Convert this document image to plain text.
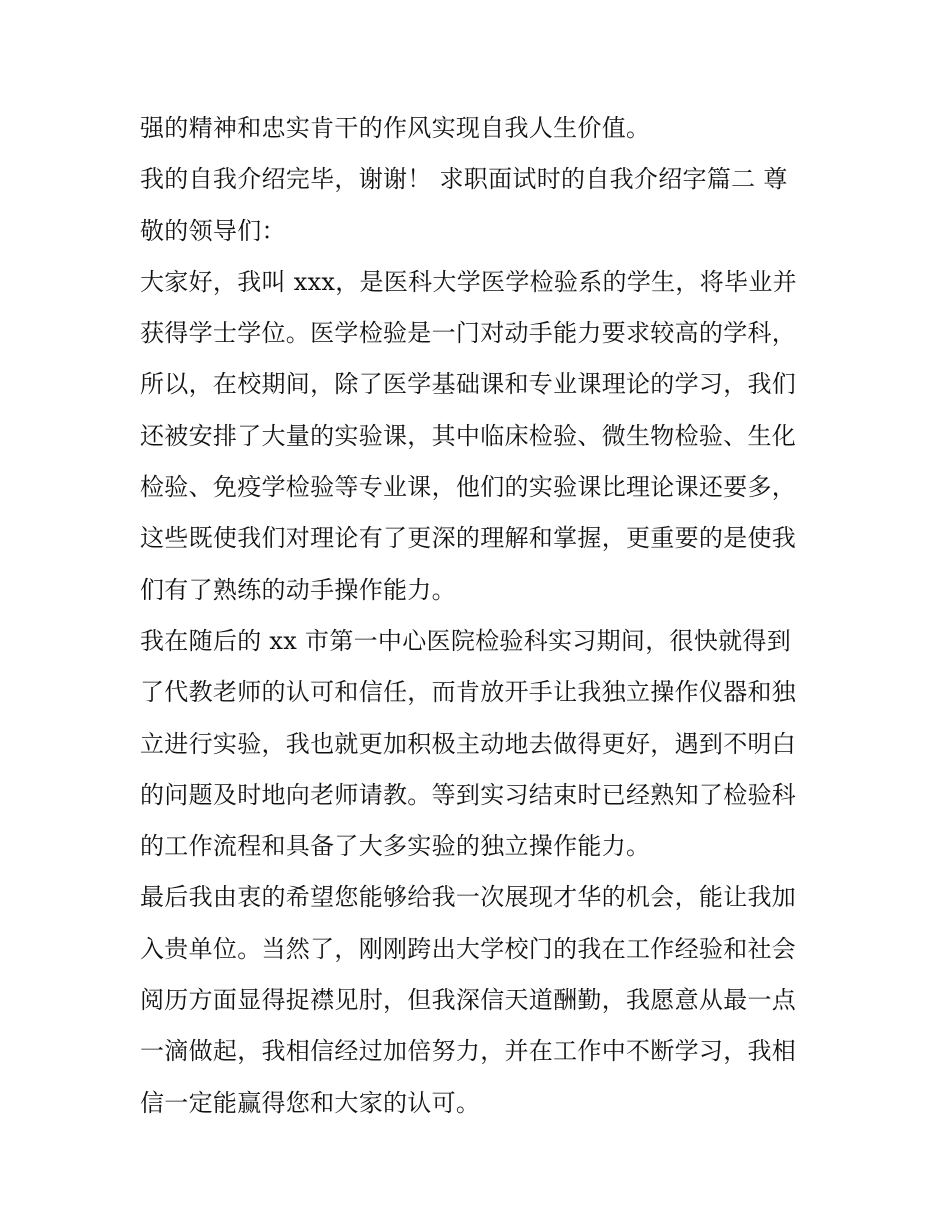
强的精神和忠实肯干的作风实现自我人生价值。
我的自我介绍完毕，谢谢！ 求职面试时的自我介绍字篇二 尊
敬的领导们：
大家好，我叫 xxx，是医科大学医学检验系的学生，将毕业并
获得学士学位。医学检验是一门对动手能力要求较高的学科，
所以，在校期间，除了医学基础课和专业课理论的学习，我们
还被安排了大量的实验课，其中临床检验、微生物检验、生化
检验、免疫学检验等专业课，他们的实验课比理论课还要多，
这些既使我们对理论有了更深的理解和掌握，更重要的是使我
们有了熟练的动手操作能力。
我在随后的 xx 市第一中心医院检验科实习期间，很快就得到
了代教老师的认可和信任，而肯放开手让我独立操作仪器和独
立进行实验，我也就更加积极主动地去做得更好，遇到不明白
的问题及时地向老师请教。等到实习结束时已经熟知了检验科
的工作流程和具备了大多实验的独立操作能力。
最后我由衷的希望您能够给我一次展现才华的机会，能让我加
入贵单位。当然了，刚刚跨出大学校门的我在工作经验和社会
阅历方面显得捉襟见肘，但我深信天道酬勤，我愿意从最一点
一滴做起，我相信经过加倍努力，并在工作中不断学习，我相
信一定能赢得您和大家的认可。
